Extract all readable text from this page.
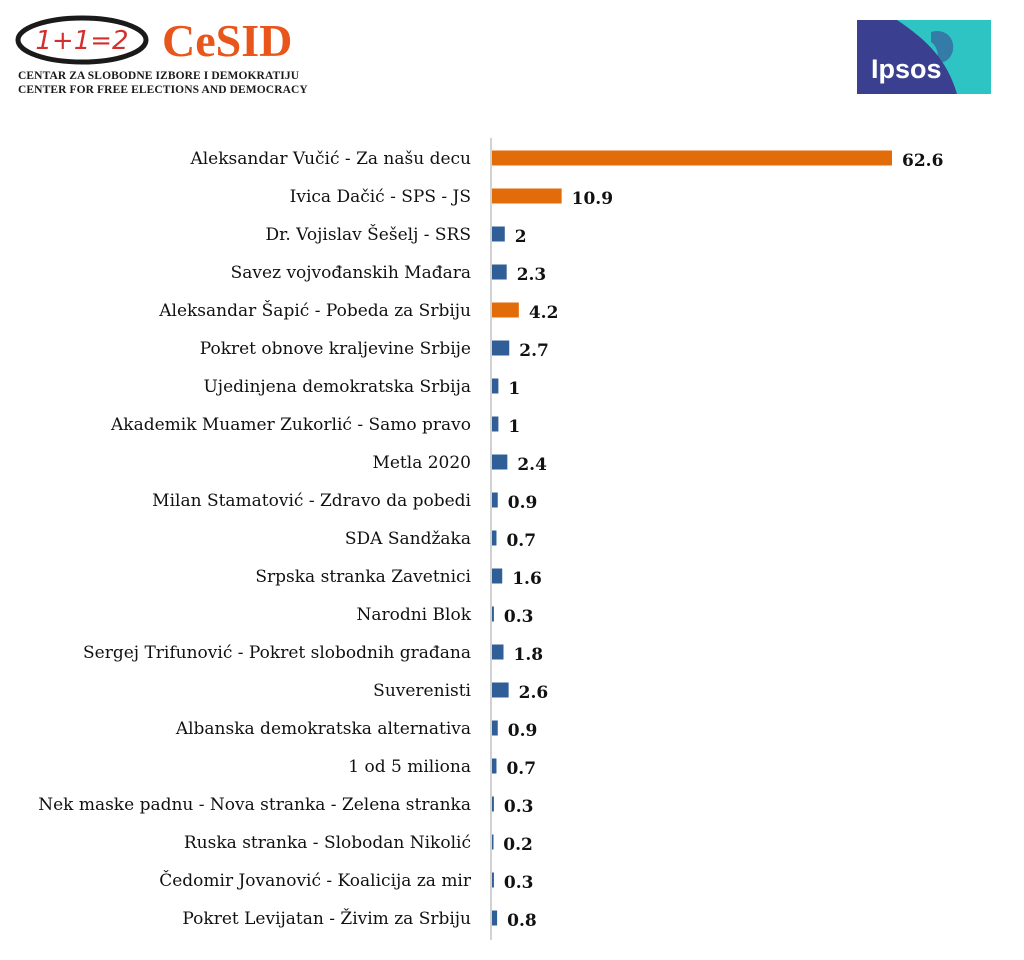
1+1=2 CeSID
CENTAR ZA SLOBODNE IZBORE I DEMOKRATIJU
CENTER FOR FREE ELECTIONS AND DEMOCRACY
Ipsos
Aleksandar Vučić - Za našu decu	62.6
Ivica Dačić - SPS - JS	10.9
Dr. Vojislav Šešelj - SRS	2
Savez vojvođanskih Mađara	2.3
Aleksandar Šapić - Pobeda za Srbiju	4.2
Pokret obnove kraljevine Srbije	2.7
Ujedinjena demokratska Srbija 1
Akademik Muamer Zukorlić - Samo pravo 1
Metla 2020	2.4
Milan Stamatović - Zdravo da pobedi 0.9
SDA Sandžaka 0.7
Srpska stranka Zavetnici 1.6
Narodni Blok 0.3
Sergej Trifunović - Pokret slobodnih građana	1.8
Suverenisti	2.6
Albanska demokratska alternativa 0.9
1 od 5 miliona 0.7
Nek maske padnu - Nova stranka - Zelena stranka 0.3
Ruska stranka - Slobodan Nikolić 0.2
Čedomir Jovanović - Koalicija za mir 0.3
Pokret Levijatan - Živim za Srbiju 0.8
